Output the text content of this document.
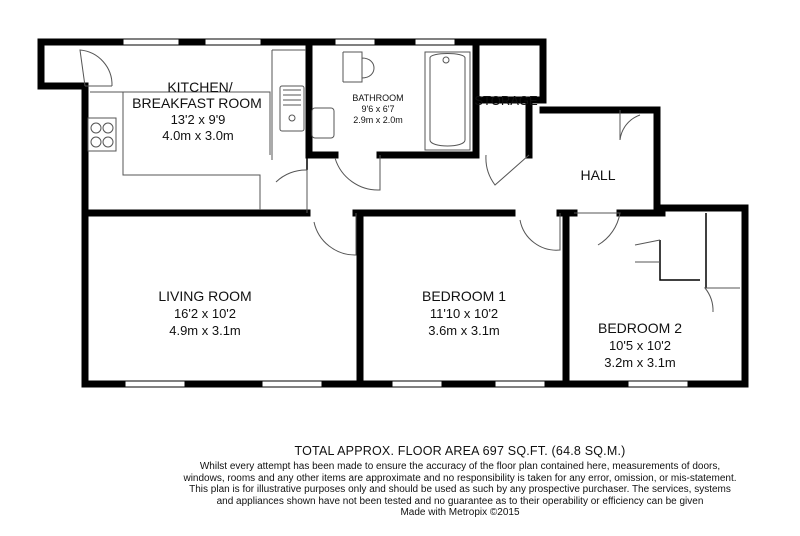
KITCHEN/
BREAKFAST ROOM
13'2 x 9'9
4.0m x 3.0m
BATHROOM
9'6 x 6'7
2.9m x 2.0m
STORAGE
HALL
LIVING ROOM
16'2 x 10'2
4.9m x 3.1m
BEDROOM 1
11'10 x 10'2
3.6m x 3.1m	BEDROOM 2
10'5 x 10'2
3.2m x 3.1m

TOTAL APPROX. FLOOR AREA 697 SQ.FT. (64.8 SQ.M.)

Whilst every attempt has been made to ensure the accuracy of the floor plan contained here, measurements of doors, windows, rooms and any other items are approximate and no responsibility is taken for any error, omission, or mis-statement. This plan is for illustrative purposes only and should be used as such by any prospective purchaser. The services, systems and appliances shown have not been tested and no guarantee as to their operability or efficiency can be given

Made with Metropix ©2015
